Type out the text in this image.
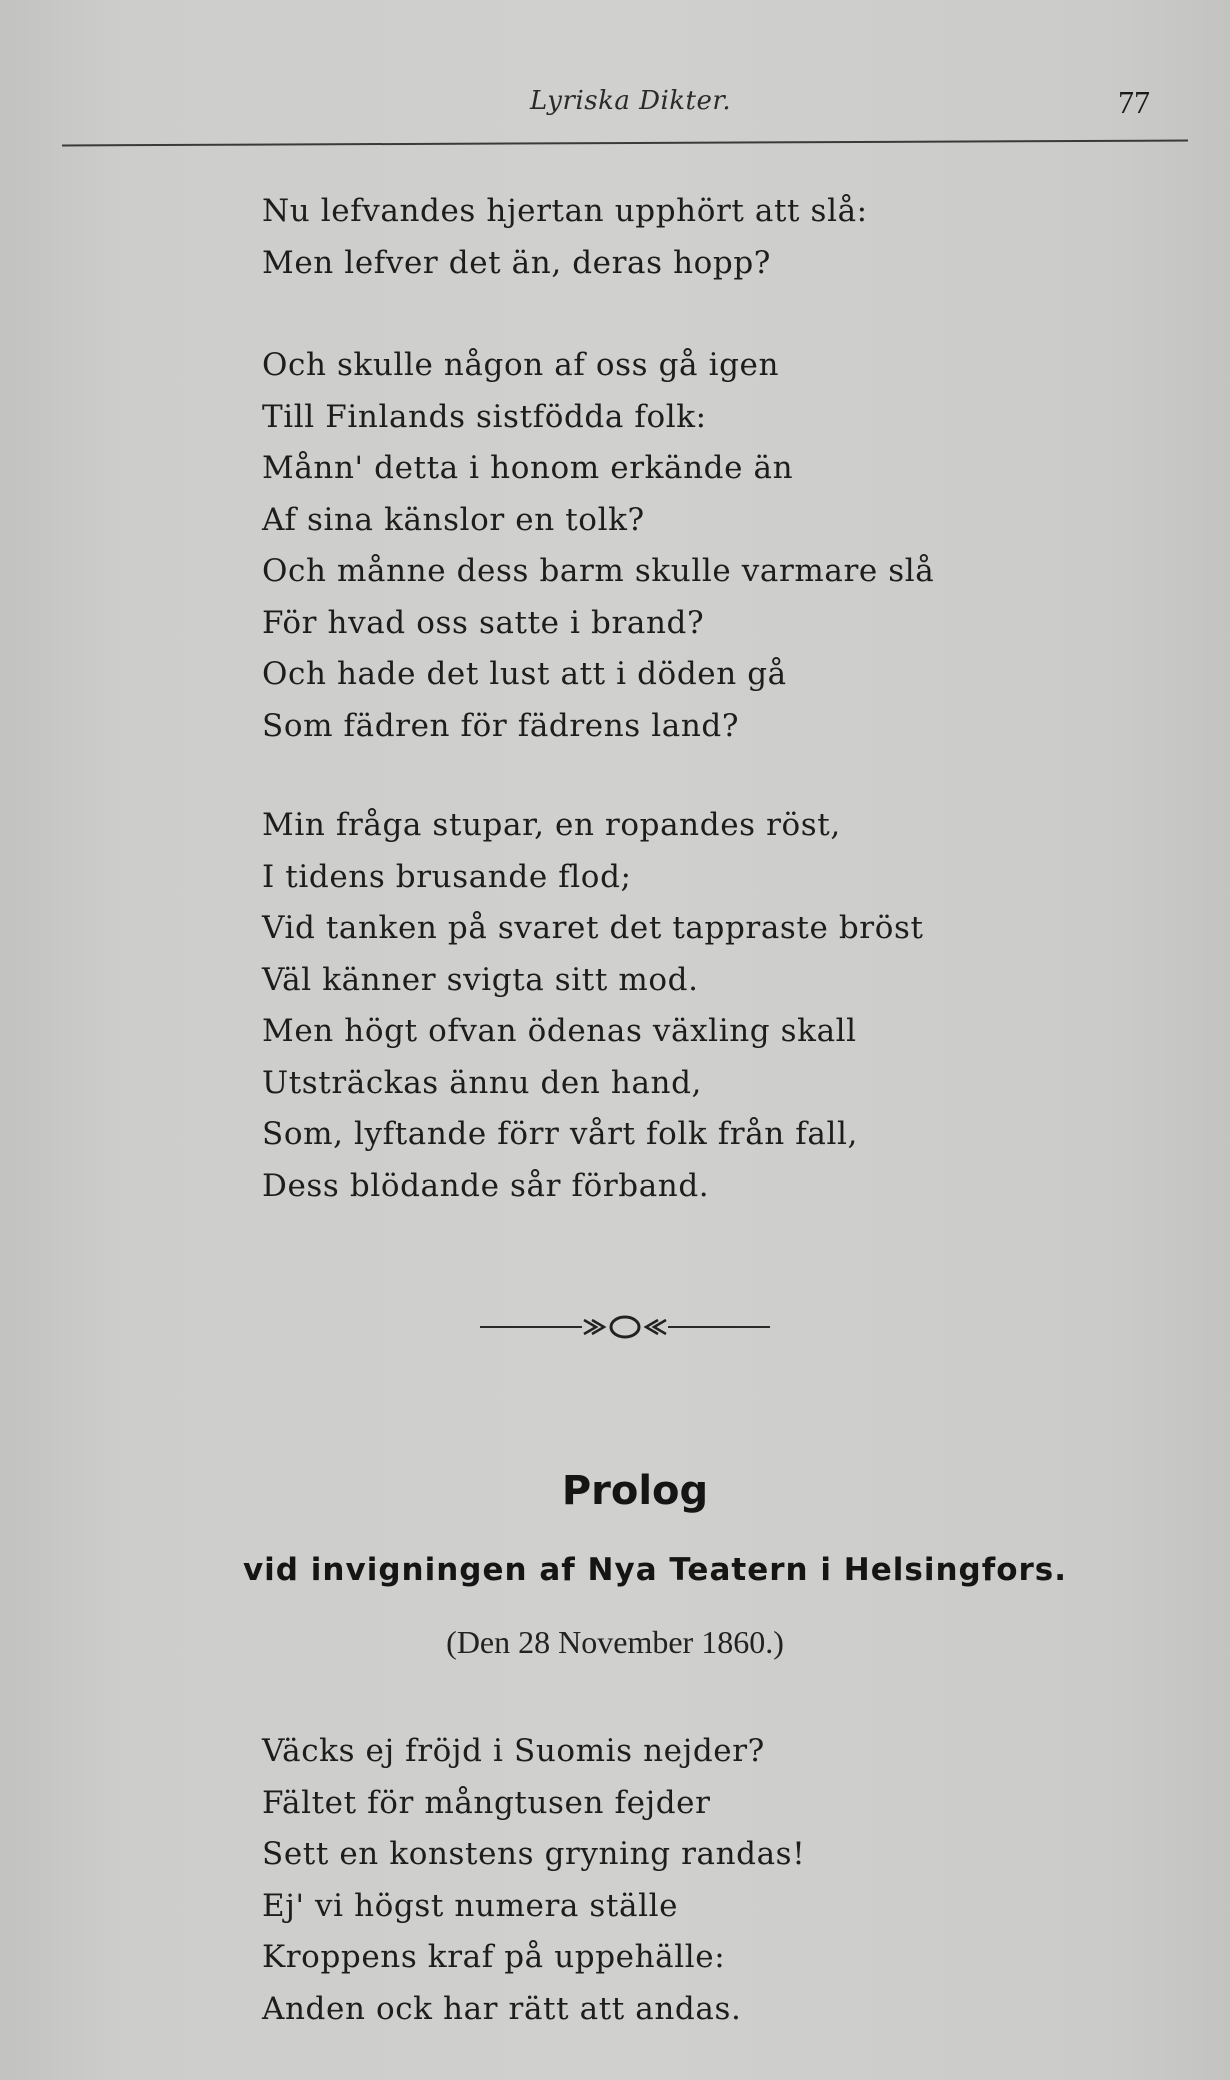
Lyriska Dikter.	77
Nu lefvandes hjertan upphört att slå:
Men lefver det än, deras hopp?
Och skulle någon af oss gå igen
Till Finlands sistfödda folk:
Månn' detta i honom erkände än
Af sina känslor en tolk?
Och månne dess barm skulle varmare slå
För hvad oss satte i brand?
Och hade det lust att i döden gå
Som fädren för fädrens land?
Min fråga stupar, en ropandes röst,
I tidens brusande flod;
Vid tanken på svaret det tappraste bröst
Väl känner svigta sitt mod.
Men högt ofvan ödenas växling skall
Utsträckas ännu den hand,
Som, lyftande förr vårt folk från fall,
Dess blödande sår förband.
Prolog
vid invigningen af Nya Teatern i Helsingfors.
(Den 28 November 1860.)
Väcks ej fröjd i Suomis nejder?
Fältet för mångtusen fejder
Sett en konstens gryning randas!
Ej' vi högst numera ställe
Kroppens kraf på uppehälle:
Anden ock har rätt att andas.
